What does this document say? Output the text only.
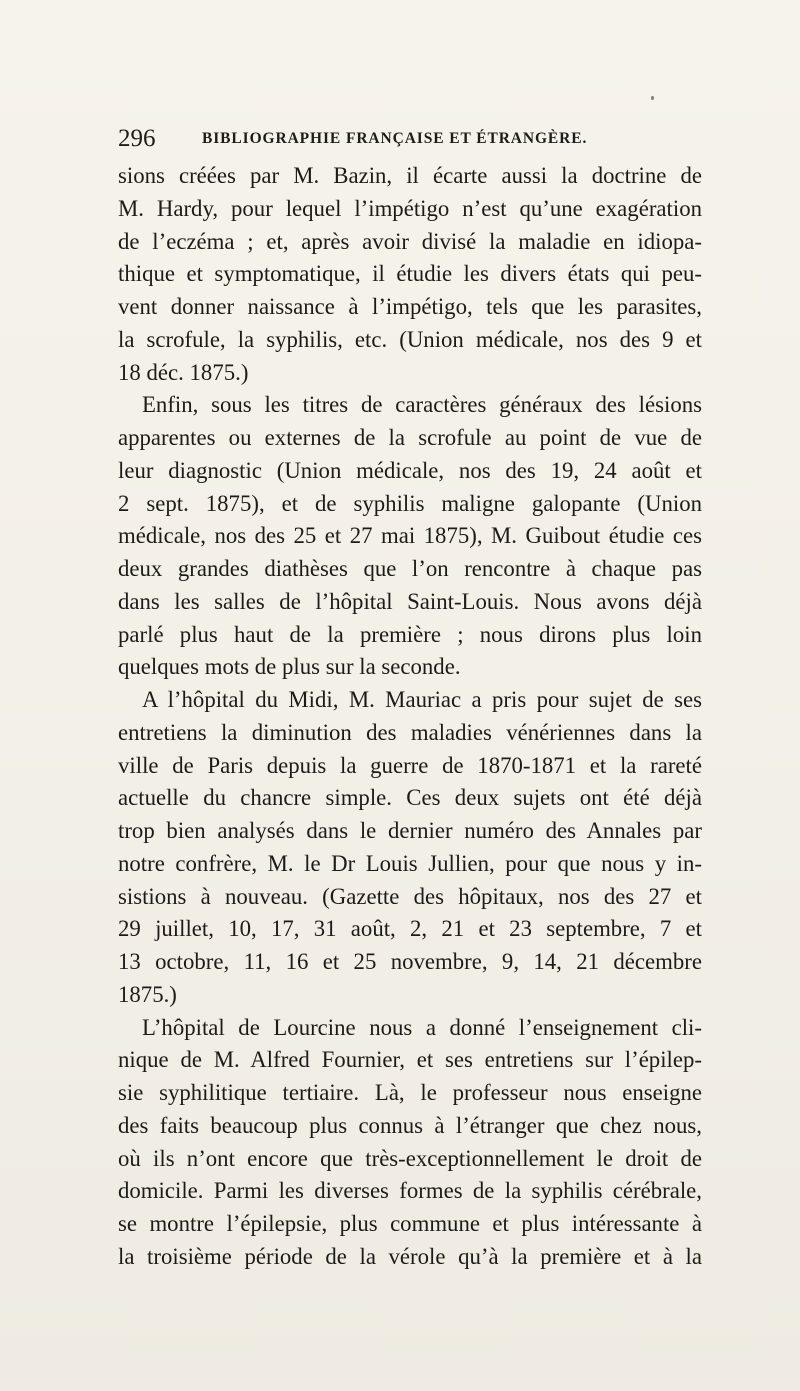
296	BIBLIOGRAPHIE FRANÇAISE ET ÉTRANGÈRE.
sions créées par M. Bazin, il écarte aussi la doctrine de
M. Hardy, pour lequel l’impétigo n’est qu’une exagération
de l’eczéma ; et, après avoir divisé la maladie en idiopa-
thique et symptomatique, il étudie les divers états qui peu-
vent donner naissance à l’impétigo, tels que les parasites,
la scrofule, la syphilis, etc. (Union médicale, nos des 9 et
18 déc. 1875.)
Enfin, sous les titres de caractères généraux des lésions
apparentes ou externes de la scrofule au point de vue de
leur diagnostic (Union médicale, nos des 19, 24 août et
2 sept. 1875), et de syphilis maligne galopante (Union
médicale, nos des 25 et 27 mai 1875), M. Guibout étudie ces
deux grandes diathèses que l’on rencontre à chaque pas
dans les salles de l’hôpital Saint-Louis. Nous avons déjà
parlé plus haut de la première ; nous dirons plus loin
quelques mots de plus sur la seconde.
A l’hôpital du Midi, M. Mauriac a pris pour sujet de ses
entretiens la diminution des maladies vénériennes dans la
ville de Paris depuis la guerre de 1870-1871 et la rareté
actuelle du chancre simple. Ces deux sujets ont été déjà
trop bien analysés dans le dernier numéro des Annales par
notre confrère, M. le Dr Louis Jullien, pour que nous y in-
sistions à nouveau. (Gazette des hôpitaux, nos des 27 et
29 juillet, 10, 17, 31 août, 2, 21 et 23 septembre, 7 et
13 octobre, 11, 16 et 25 novembre, 9, 14, 21 décembre
1875.)
L’hôpital de Lourcine nous a donné l’enseignement cli-
nique de M. Alfred Fournier, et ses entretiens sur l’épilep-
sie syphilitique tertiaire. Là, le professeur nous enseigne
des faits beaucoup plus connus à l’étranger que chez nous,
où ils n’ont encore que très-exceptionnellement le droit de
domicile. Parmi les diverses formes de la syphilis cérébrale,
se montre l’épilepsie, plus commune et plus intéressante à
la troisième période de la vérole qu’à la première et à la
